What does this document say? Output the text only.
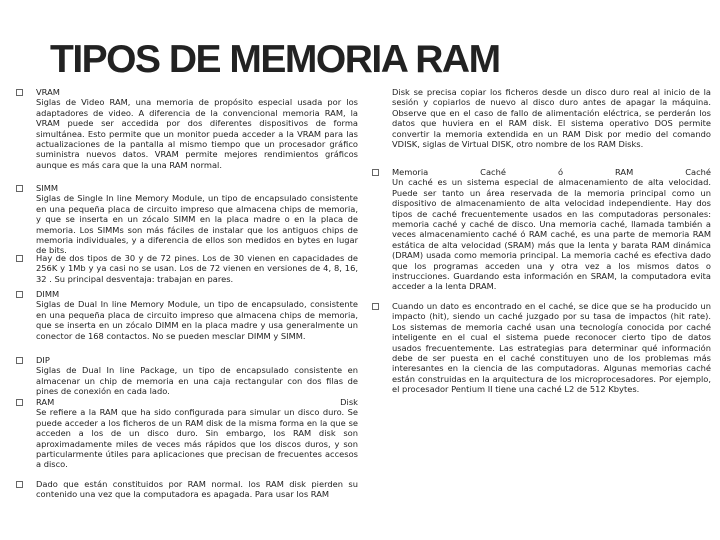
TIPOS DE MEMORIA RAM
VRAM
Siglas de Video RAM, una memoria de propósito especial usada por los adaptadores de video. A diferencia de la convencional memoria RAM, la VRAM puede ser accedida por dos diferentes dispositivos de forma simultánea. Esto permite que un monitor pueda acceder a la VRAM para las actualizaciones de la pantalla al mismo tiempo que un procesador gráfico suministra nuevos datos. VRAM permite mejores rendimientos gráficos aunque es más cara que la una RAM normal.
SIMM
Siglas de Single In line Memory Module, un tipo de encapsulado consistente en una pequeña placa de circuito impreso que almacena chips de memoria, y que se inserta en un zócalo SIMM en la placa madre o en la placa de memoria. Los SIMMs son más fáciles de instalar que los antiguos chips de memoria individuales, y a diferencia de ellos son medidos en bytes en lugar de bits.
Hay de dos tipos de 30 y de 72 pines. Los de 30 vienen en capacidades de 256K y 1Mb y ya casi no se usan. Los de 72 vienen en versiones de 4, 8, 16, 32 . Su principal desventaja: trabajan en pares.
DIMM
Siglas de Dual In line Memory Module, un tipo de encapsulado, consistente en una pequeña placa de circuito impreso que almacena chips de memoria, que se inserta en un zócalo DIMM en la placa madre y usa generalmente un conector de 168 contactos. No se pueden mesclar DIMM y SIMM.
DIP
Siglas de Dual In line Package, un tipo de encapsulado consistente en almacenar un chip de memoria en una caja rectangular con dos filas de pines de conexión en cada lado.
RAM Disk
Se refiere a la RAM que ha sido configurada para simular un disco duro. Se puede acceder a los ficheros de un RAM disk de la misma forma en la que se acceden a los de un disco duro. Sin embargo, los RAM disk son aproximadamente miles de veces más rápidos que los discos duros, y son particularmente útiles para aplicaciones que precisan de frecuentes accesos a disco.
Dado que están constituidos por RAM normal. los RAM disk pierden su contenido una vez que la computadora es apagada. Para usar los RAM
Disk se precisa copiar los ficheros desde un disco duro real al inicio de la sesión y copiarlos de nuevo al disco duro antes de apagar la máquina. Observe que en el caso de fallo de alimentación eléctrica, se perderán los datos que huviera en el RAM disk. El sistema operativo DOS permite convertir la memoria extendida en un RAM Disk por medio del comando VDISK, siglas de Virtual DISK, otro nombre de los RAM Disks.
Memoria Caché ó RAM Caché
Un caché es un sistema especial de almacenamiento de alta velocidad. Puede ser tanto un área reservada de la memoria principal como un dispositivo de almacenamiento de alta velocidad independiente. Hay dos tipos de caché frecuentemente usados en las computadoras personales: memoria caché y caché de disco. Una memoria caché, llamada también a veces almacenamiento caché ó RAM caché, es una parte de memoria RAM estática de alta velocidad (SRAM) más que la lenta y barata RAM dinámica (DRAM) usada como memoria principal. La memoria caché es efectiva dado que los programas acceden una y otra vez a los mismos datos o instrucciones. Guardando esta información en SRAM, la computadora evita acceder a la lenta DRAM.
Cuando un dato es encontrado en el caché, se dice que se ha producido un impacto (hit), siendo un caché juzgado por su tasa de impactos (hit rate). Los sistemas de memoria caché usan una tecnología conocida por caché inteligente en el cual el sistema puede reconocer cierto tipo de datos usados frecuentemente. Las estrategias para determinar qué información debe de ser puesta en el caché constituyen uno de los problemas más interesantes en la ciencia de las computadoras. Algunas memorias caché están construidas en la arquitectura de los microprocesadores. Por ejemplo, el procesador Pentium II tiene una caché L2 de 512 Kbytes.
